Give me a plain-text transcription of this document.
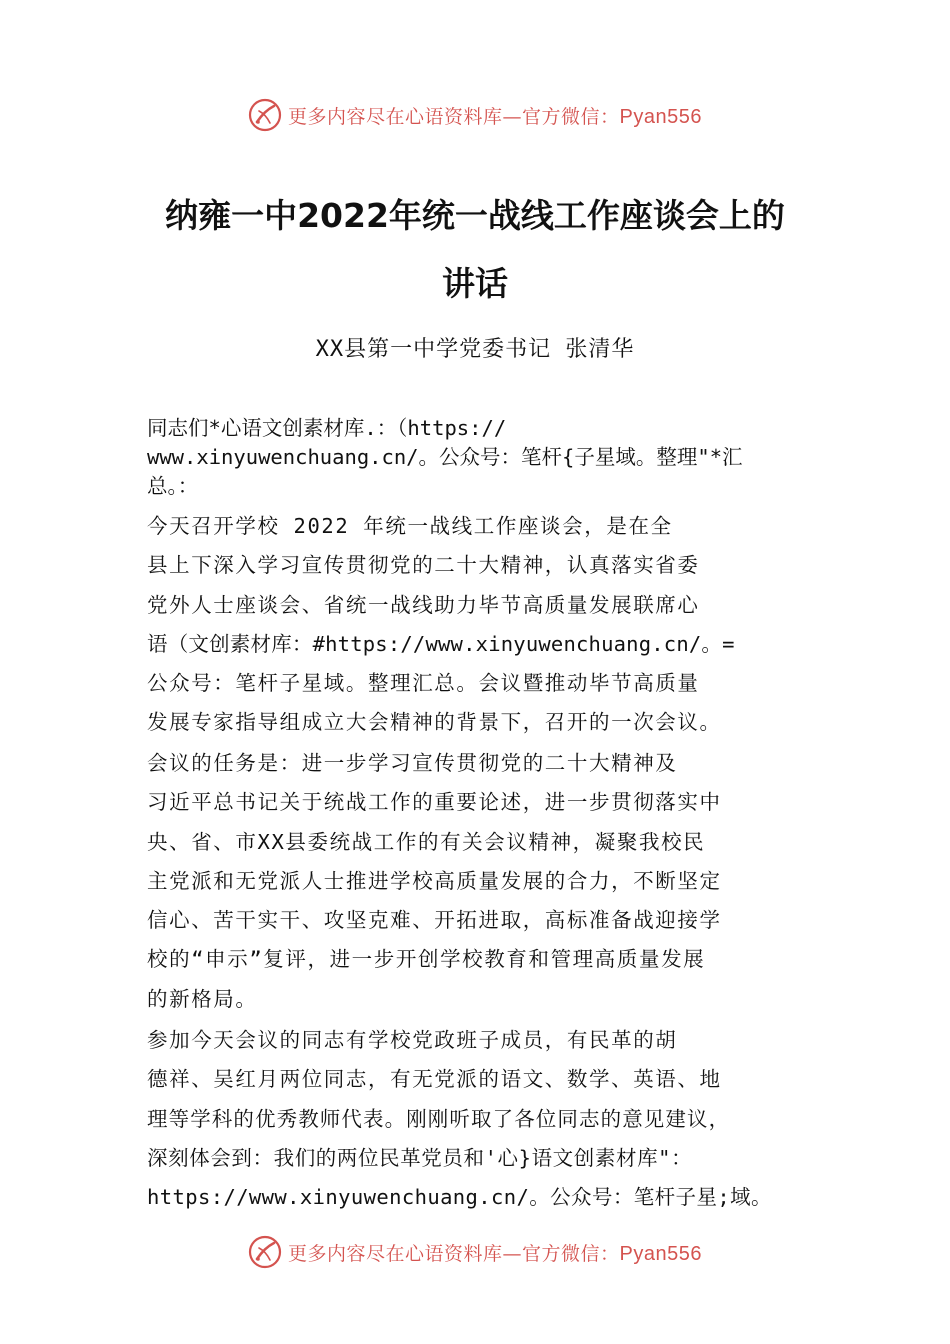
更多内容尽在心语资料库—官方微信：Pyan556
纳雍一中2022年统一战线工作座谈会上的
讲话
XX县第一中学党委书记 张清华
同志们*心语文创素材库.：（https://
www.xinyuwenchuang.cn/。公众号：笔杆{子星域。整理"*汇
总。：
今天召开学校 2022 年统一战线工作座谈会，是在全
县上下深入学习宣传贯彻党的二十大精神，认真落实省委
党外人士座谈会、省统一战线助力毕节高质量发展联席心
语（文创素材库：#https://www.xinyuwenchuang.cn/。=
公众号：笔杆子星域。整理汇总。会议暨推动毕节高质量
发展专家指导组成立大会精神的背景下，召开的一次会议。
会议的任务是：进一步学习宣传贯彻党的二十大精神及
习近平总书记关于统战工作的重要论述，进一步贯彻落实中
央、省、市XX县委统战工作的有关会议精神，凝聚我校民
主党派和无党派人士推进学校高质量发展的合力，不断坚定
信心、苦干实干、攻坚克难、开拓进取，高标准备战迎接学
校的“申示”复评，进一步开创学校教育和管理高质量发展
的新格局。
参加今天会议的同志有学校党政班子成员，有民革的胡
德祥、吴红月两位同志，有无党派的语文、数学、英语、地
理等学科的优秀教师代表。刚刚听取了各位同志的意见建议，
深刻体会到：我们的两位民革党员和'心}语文创素材库"：
https://www.xinyuwenchuang.cn/。公众号：笔杆子星;域。
更多内容尽在心语资料库—官方微信：Pyan556
